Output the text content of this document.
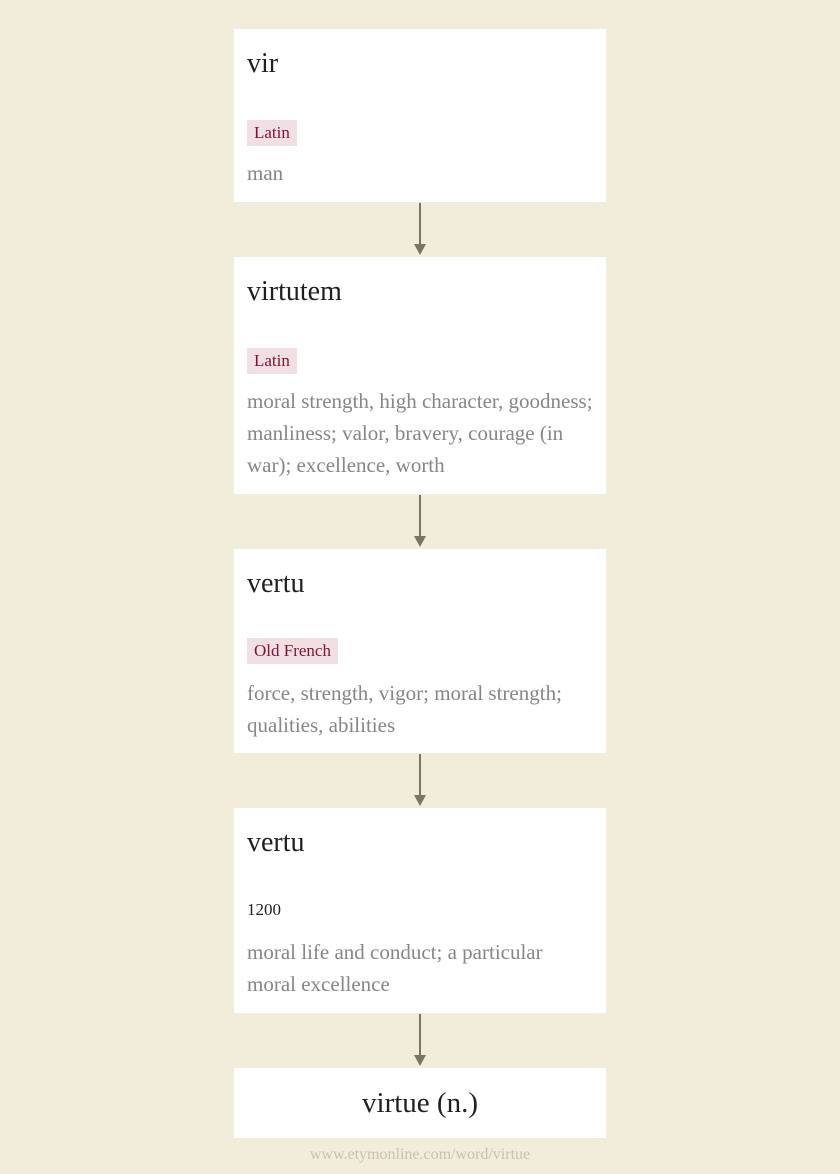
vir
Latin
man
virtutem
Latin
moral strength, high character, goodness; manliness; valor, bravery, courage (in war); excellence, worth
vertu
Old French
force, strength, vigor; moral strength; qualities, abilities
vertu
1200
moral life and conduct; a particular moral excellence
virtue (n.)
www.etymonline.com/word/virtue
